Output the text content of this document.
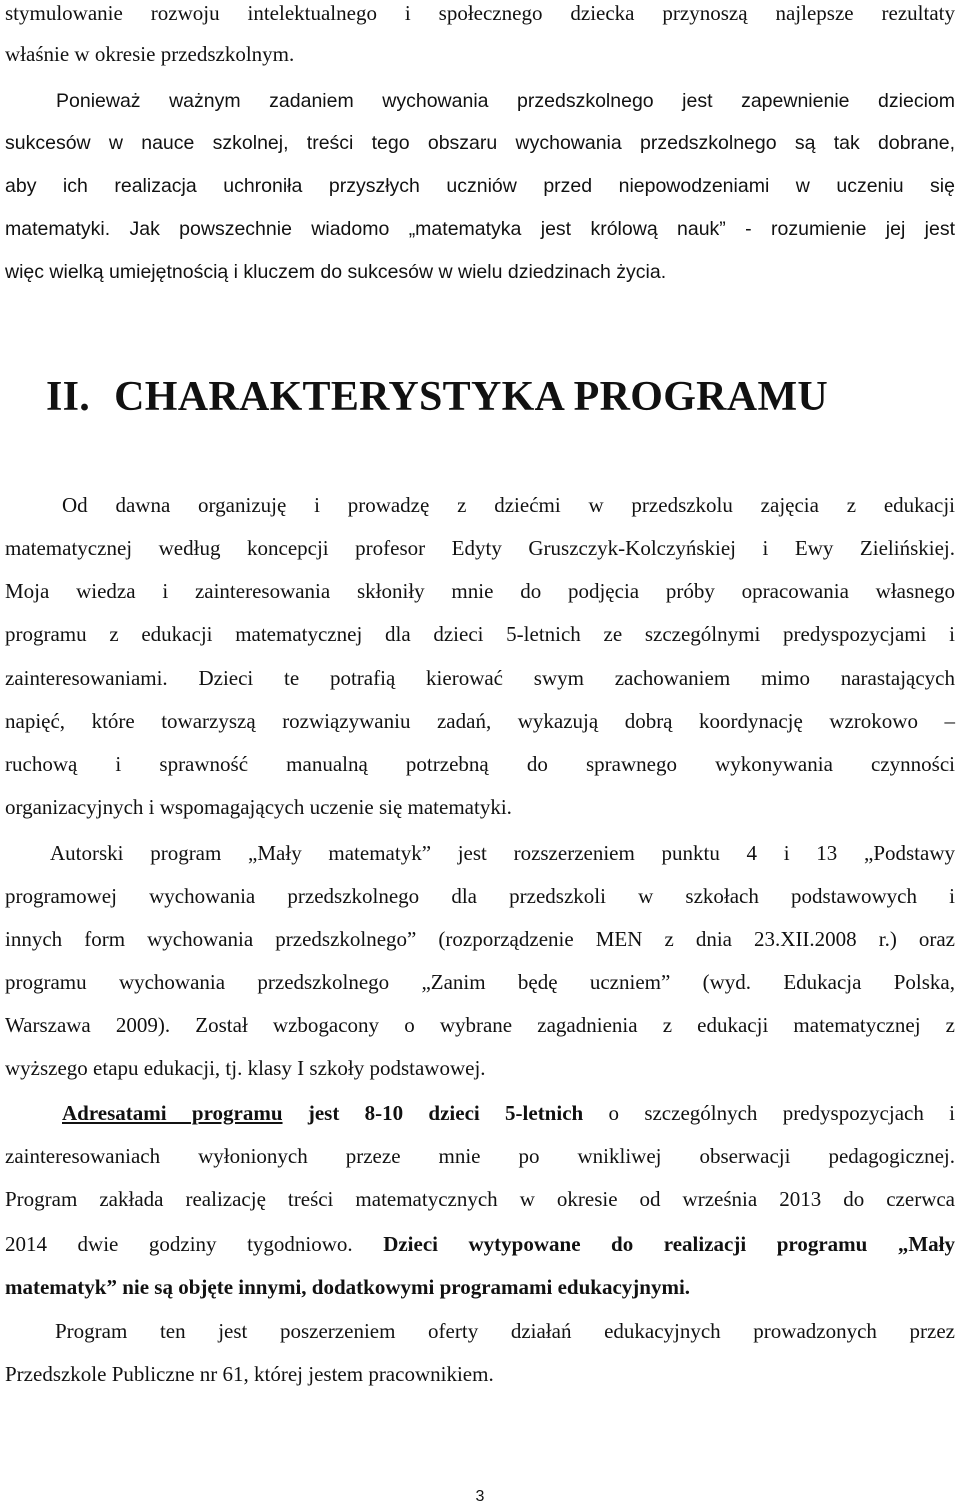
stymulowanie rozwoju intelektualnego i społecznego dziecka przynoszą najlepsze rezultaty

właśnie w okresie przedszkolnym.

Ponieważ ważnym zadaniem wychowania przedszkolnego jest zapewnienie dzieciom

sukcesów w nauce szkolnej, treści tego obszaru wychowania przedszkolnego są tak dobrane,

aby ich realizacja uchroniła przyszłych uczniów przed niepowodzeniami w uczeniu się

matematyki. Jak powszechnie wiadomo „matematyka jest królową nauk” - rozumienie jej jest

więc wielką umiejętnością i kluczem do sukcesów w wielu dziedzinach życia.

II. CHARAKTERYSTYKA PROGRAMU

Od dawna organizuję i prowadzę z dziećmi w przedszkolu zajęcia z edukacji

matematycznej według koncepcji profesor Edyty Gruszczyk-Kolczyńskiej i Ewy Zielińskiej.

Moja wiedza i zainteresowania skłoniły mnie do podjęcia próby opracowania własnego

programu z edukacji matematycznej dla dzieci 5-letnich ze szczególnymi predyspozycjami i

zainteresowaniami. Dzieci te potrafią kierować swym zachowaniem mimo narastających

napięć, które towarzyszą rozwiązywaniu zadań, wykazują dobrą koordynację wzrokowo –

ruchową i sprawność manualną potrzebną do sprawnego wykonywania czynności

organizacyjnych i wspomagających uczenie się matematyki.

Autorski program „Mały matematyk” jest rozszerzeniem punktu 4 i 13 „Podstawy

programowej wychowania przedszkolnego dla przedszkoli w szkołach podstawowych i

innych form wychowania przedszkolnego” (rozporządzenie MEN z dnia 23.XII.2008 r.) oraz

programu wychowania przedszkolnego „Zanim będę uczniem” (wyd. Edukacja Polska,

Warszawa 2009). Został wzbogacony o wybrane zagadnienia z edukacji matematycznej z

wyższego etapu edukacji, tj. klasy I szkoły podstawowej.

Adresatami programu jest 8-10 dzieci 5-letnich o szczególnych predyspozycjach i

zainteresowaniach wyłonionych przeze mnie po wnikliwej obserwacji pedagogicznej.

Program zakłada realizację treści matematycznych w okresie od września 2013 do czerwca

2014 dwie godziny tygodniowo. Dzieci wytypowane do realizacji programu „Mały

matematyk” nie są objęte innymi, dodatkowymi programami edukacyjnymi.

Program ten jest poszerzeniem oferty działań edukacyjnych prowadzonych przez

Przedszkole Publiczne nr 61, której jestem pracownikiem.

3
